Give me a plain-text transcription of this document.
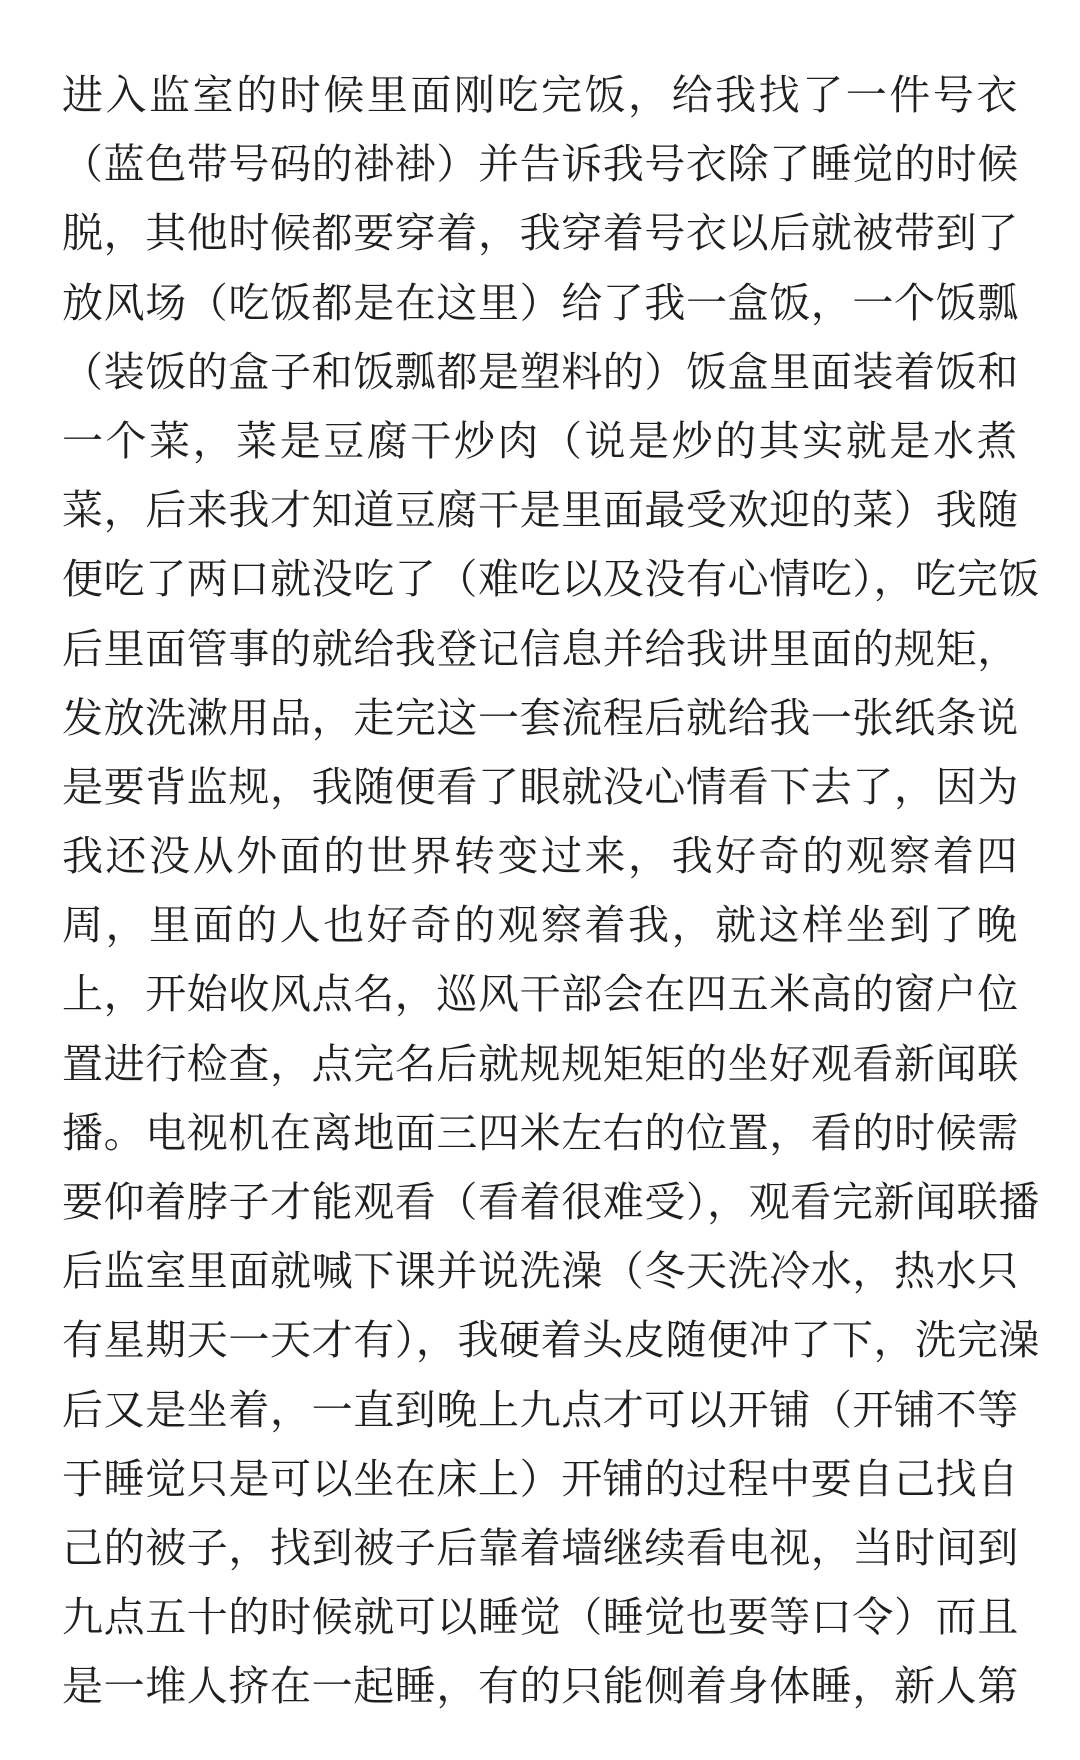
进入监室的时候里面刚吃完饭，给我找了一件号衣
（蓝色带号码的褂褂）并告诉我号衣除了睡觉的时候
脱，其他时候都要穿着，我穿着号衣以后就被带到了
放风场（吃饭都是在这里）给了我一盒饭，一个饭瓢
（装饭的盒子和饭瓢都是塑料的）饭盒里面装着饭和
一个菜，菜是豆腐干炒肉（说是炒的其实就是水煮
菜，后来我才知道豆腐干是里面最受欢迎的菜）我随
便吃了两口就没吃了（难吃以及没有心情吃），吃完饭
后里面管事的就给我登记信息并给我讲里面的规矩，
发放洗漱用品，走完这一套流程后就给我一张纸条说
是要背监规，我随便看了眼就没心情看下去了，因为
我还没从外面的世界转变过来，我好奇的观察着四
周，里面的人也好奇的观察着我，就这样坐到了晚
上，开始收风点名，巡风干部会在四五米高的窗户位
置进行检查，点完名后就规规矩矩的坐好观看新闻联
播。电视机在离地面三四米左右的位置，看的时候需
要仰着脖子才能观看（看着很难受），观看完新闻联播
后监室里面就喊下课并说洗澡（冬天洗冷水，热水只
有星期天一天才有），我硬着头皮随便冲了下，洗完澡
后又是坐着，一直到晚上九点才可以开铺（开铺不等
于睡觉只是可以坐在床上）开铺的过程中要自己找自
己的被子，找到被子后靠着墙继续看电视，当时间到
九点五十的时候就可以睡觉（睡觉也要等口令）而且
是一堆人挤在一起睡，有的只能侧着身体睡，新人第
